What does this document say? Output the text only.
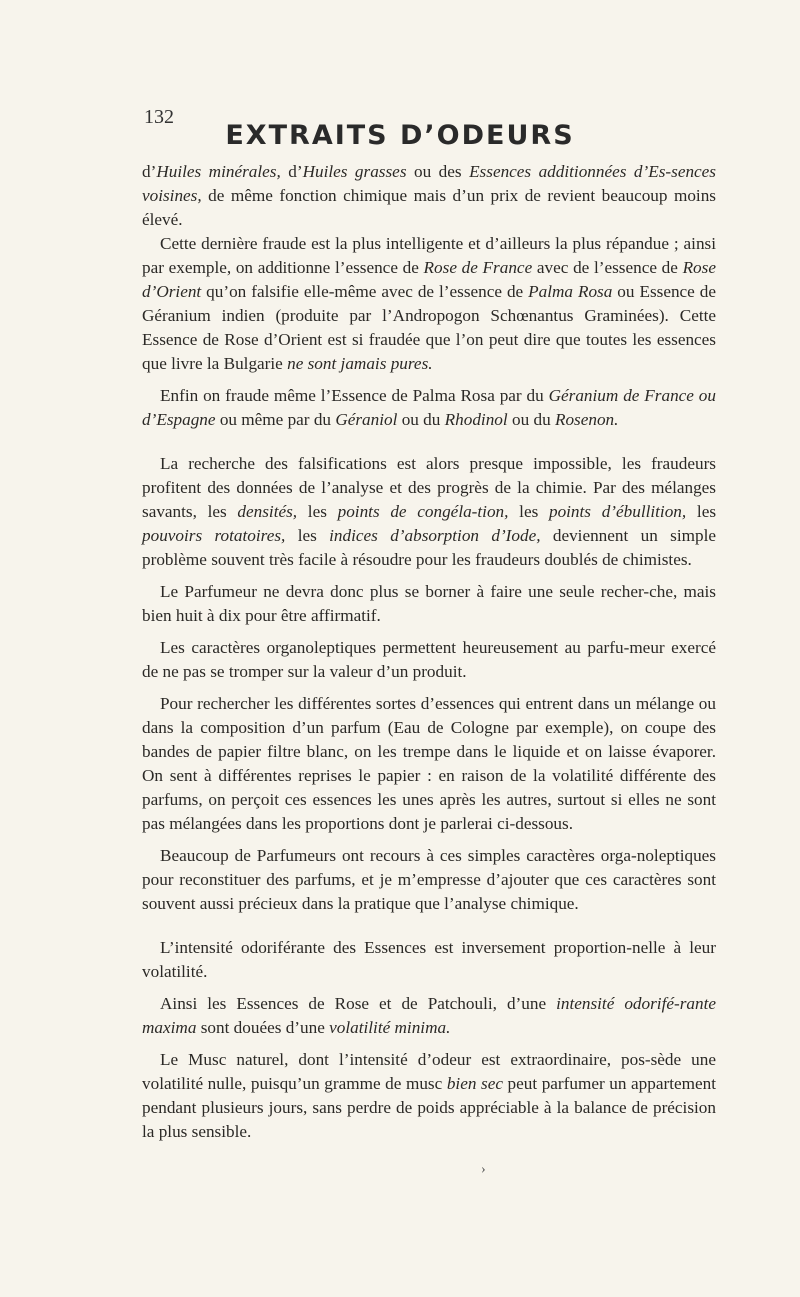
132
EXTRAITS D’ODEURS

d’Huiles minérales, d’Huiles grasses ou des Essences additionnées d’Es-sences voisines, de même fonction chimique mais d’un prix de revient beaucoup moins élevé.

Cette dernière fraude est la plus intelligente et d’ailleurs la plus répandue ; ainsi par exemple, on additionne l’essence de Rose de France avec de l’essence de Rose d’Orient qu’on falsifie elle-même avec de l’essence de Palma Rosa ou Essence de Géranium indien (produite par l’Andropogon Schœnantus Graminées). Cette Essence de Rose d’Orient est si fraudée que l’on peut dire que toutes les essences que livre la Bulgarie ne sont jamais pures.

Enfin on fraude même l’Essence de Palma Rosa par du Géranium de France ou d’Espagne ou même par du Géraniol ou du Rhodinol ou du Rosenon.

La recherche des falsifications est alors presque impossible, les fraudeurs profitent des données de l’analyse et des progrès de la chimie. Par des mélanges savants, les densités, les points de congéla-tion, les points d’ébullition, les pouvoirs rotatoires, les indices d’absorption d’Iode, deviennent un simple problème souvent très facile à résoudre pour les fraudeurs doublés de chimistes.

Le Parfumeur ne devra donc plus se borner à faire une seule recher-che, mais bien huit à dix pour être affirmatif.

Les caractères organoleptiques permettent heureusement au parfu-meur exercé de ne pas se tromper sur la valeur d’un produit.

Pour rechercher les différentes sortes d’essences qui entrent dans un mélange ou dans la composition d’un parfum (Eau de Cologne par exemple), on coupe des bandes de papier filtre blanc, on les trempe dans le liquide et on laisse évaporer. On sent à différentes reprises le papier : en raison de la volatilité différente des parfums, on perçoit ces essences les unes après les autres, surtout si elles ne sont pas mélangées dans les proportions dont je parlerai ci-dessous.

Beaucoup de Parfumeurs ont recours à ces simples caractères orga-noleptiques pour reconstituer des parfums, et je m’empresse d’ajouter que ces caractères sont souvent aussi précieux dans la pratique que l’analyse chimique.

L’intensité odoriférante des Essences est inversement proportion-nelle à leur volatilité.

Ainsi les Essences de Rose et de Patchouli, d’une intensité odorifé-rante maxima sont douées d’une volatilité minima.

Le Musc naturel, dont l’intensité d’odeur est extraordinaire, pos-sède une volatilité nulle, puisqu’un gramme de musc bien sec peut parfumer un appartement pendant plusieurs jours, sans perdre de poids appréciable à la balance de précision la plus sensible.

›
